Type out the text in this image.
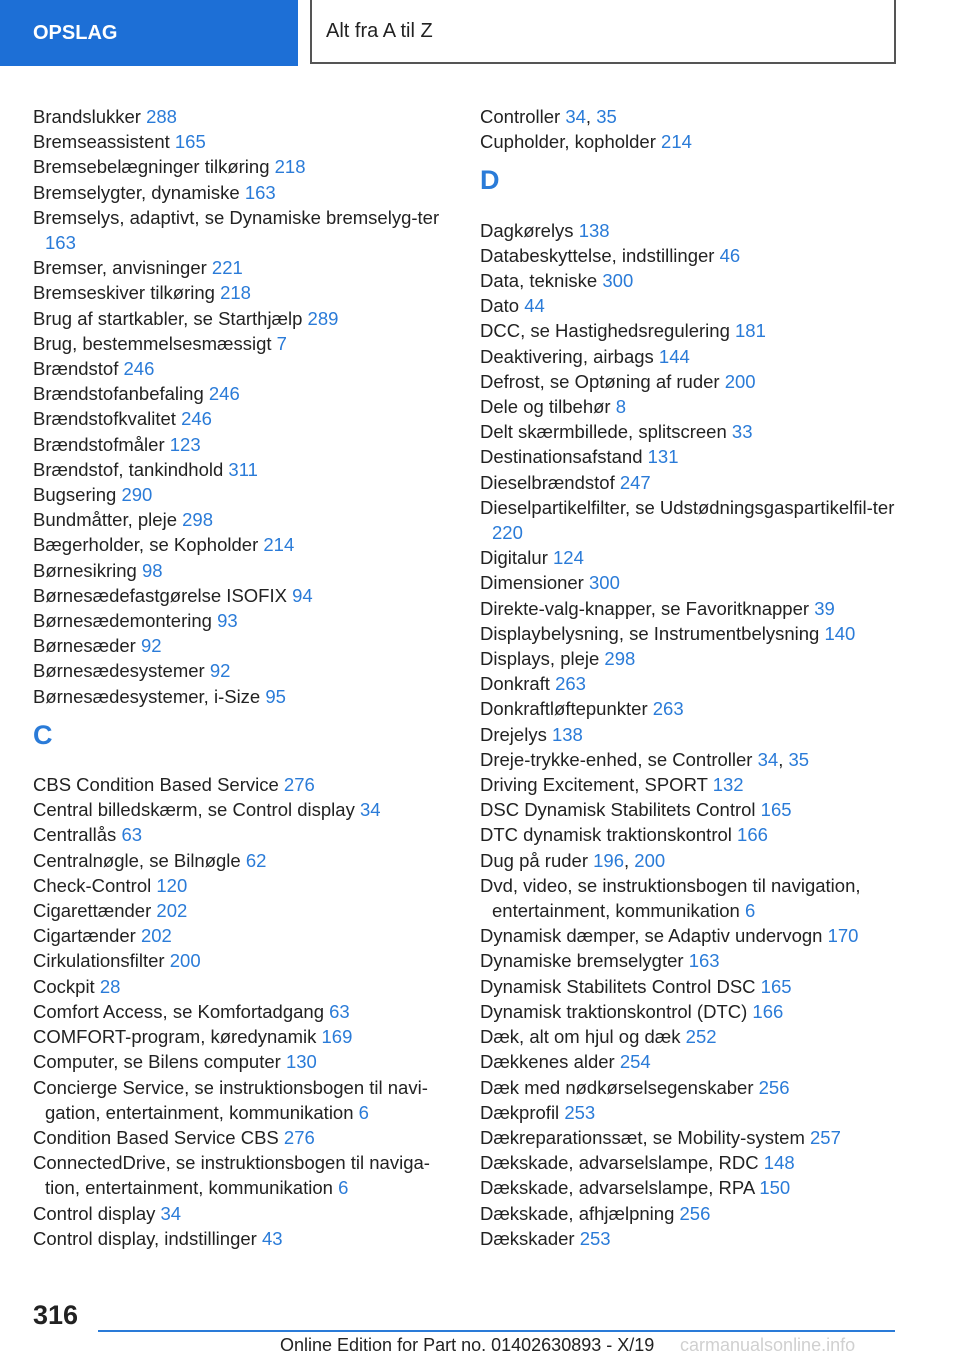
OPSLAG	Alt fra A til Z
Brandslukker 288
Bremseassistent 165
Bremsebelægninger tilkøring 218
Bremselygter, dynamiske 163
Bremselys, adaptivt, se Dynamiske bremselyg-ter 163
Bremser, anvisninger 221
Bremseskiver tilkøring 218
Brug af startkabler, se Starthjælp 289
Brug, bestemmelsesmæssigt 7
Brændstof 246
Brændstofanbefaling 246
Brændstofkvalitet 246
Brændstofmåler 123
Brændstof, tankindhold 311
Bugsering 290
Bundmåtter, pleje 298
Bægerholder, se Kopholder 214
Børnesikring 98
Børnesædefastgørelse ISOFIX 94
Børnesædemontering 93
Børnesæder 92
Børnesædesystemer 92
Børnesædesystemer, i-Size 95
C
CBS Condition Based Service 276
Central billedskærm, se Control display 34
Centrallås 63
Centralnøgle, se Bilnøgle 62
Check-Control 120
Cigarettænder 202
Cigartænder 202
Cirkulationsfilter 200
Cockpit 28
Comfort Access, se Komfortadgang 63
COMFORT-program, køredynamik 169
Computer, se Bilens computer 130
Concierge Service, se instruktionsbogen til navi-gation, entertainment, kommunikation 6
Condition Based Service CBS 276
ConnectedDrive, se instruktionsbogen til naviga-tion, entertainment, kommunikation 6
Control display 34
Control display, indstillinger 43
Controller 34, 35
Cupholder, kopholder 214
D
Dagkørelys 138
Databeskyttelse, indstillinger 46
Data, tekniske 300
Dato 44
DCC, se Hastighedsregulering 181
Deaktivering, airbags 144
Defrost, se Optøning af ruder 200
Dele og tilbehør 8
Delt skærmbillede, splitscreen 33
Destinationsafstand 131
Dieselbrændstof 247
Dieselpartikelfilter, se Udstødningsgaspartikelfil-ter 220
Digitalur 124
Dimensioner 300
Direkte-valg-knapper, se Favoritknapper 39
Displaybelysning, se Instrumentbelysning 140
Displays, pleje 298
Donkraft 263
Donkraftløftepunkter 263
Drejelys 138
Dreje-trykke-enhed, se Controller 34, 35
Driving Excitement, SPORT 132
DSC Dynamisk Stabilitets Control 165
DTC dynamisk traktionskontrol 166
Dug på ruder 196, 200
Dvd, video, se instruktionsbogen til navigation, entertainment, kommunikation 6
Dynamisk dæmper, se Adaptiv undervogn 170
Dynamiske bremselygter 163
Dynamisk Stabilitets Control DSC 165
Dynamisk traktionskontrol (DTC) 166
Dæk, alt om hjul og dæk 252
Dækkenes alder 254
Dæk med nødkørselsegenskaber 256
Dækprofil 253
Dækreparationssæt, se Mobility-system 257
Dækskade, advarselslampe, RDC 148
Dækskade, advarselslampe, RPA 150
Dækskade, afhjælpning 256
Dækskader 253
316
Online Edition for Part no. 01402630893 - X/19 carmanualsonline.info
